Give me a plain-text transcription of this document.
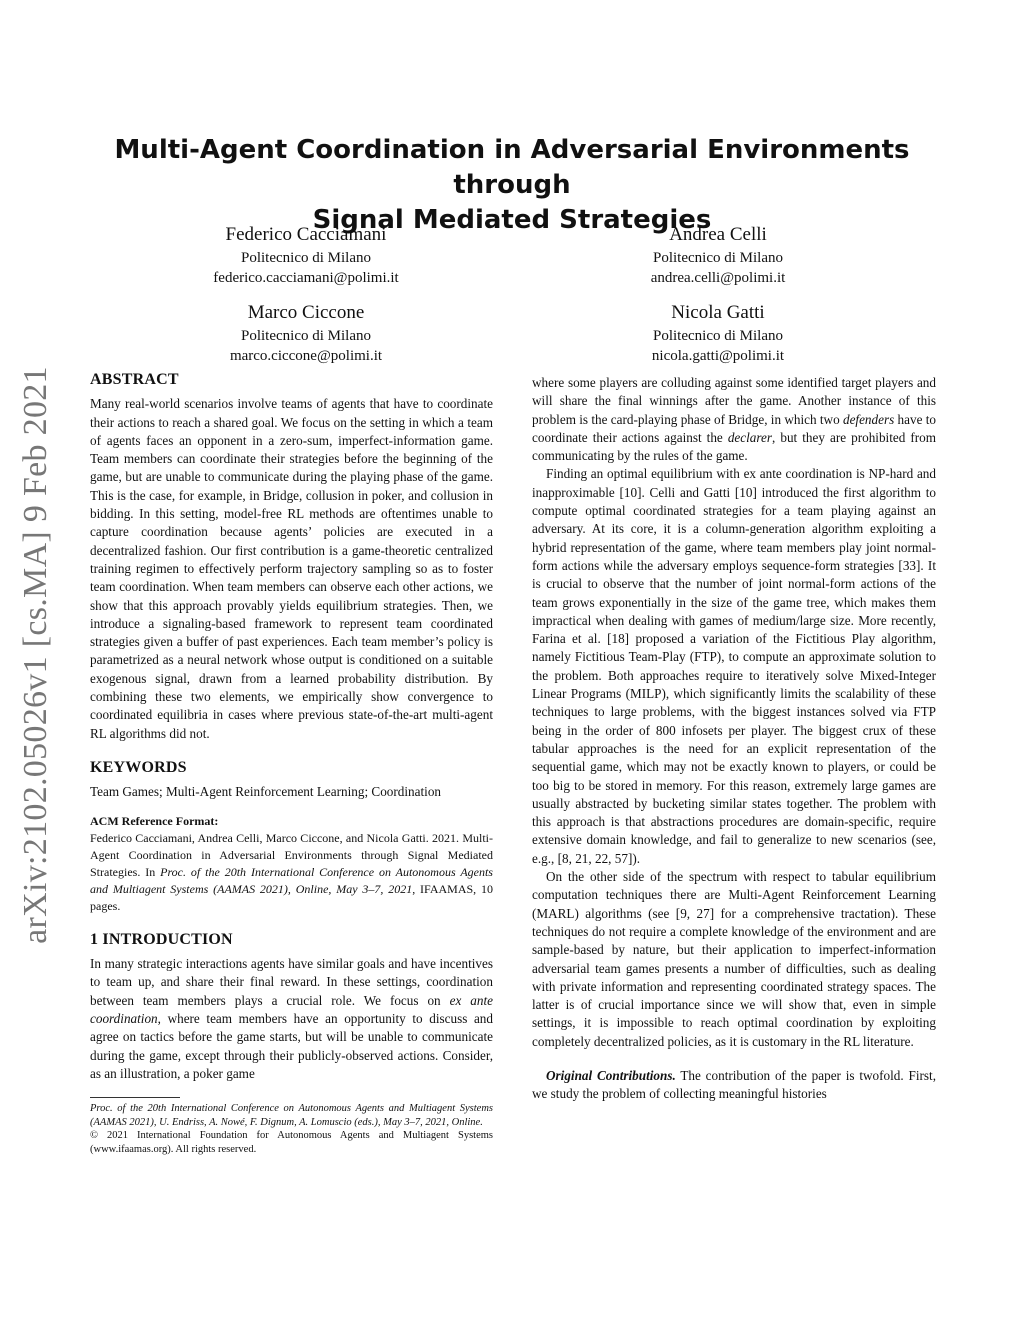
arXiv:2102.05026v1 [cs.MA] 9 Feb 2021
Multi-Agent Coordination in Adversarial Environments through
Signal Mediated Strategies
Federico Cacciamani
Politecnico di Milano
federico.cacciamani@polimi.it
Andrea Celli
Politecnico di Milano
andrea.celli@polimi.it
Marco Ciccone
Politecnico di Milano
marco.ciccone@polimi.it
Nicola Gatti
Politecnico di Milano
nicola.gatti@polimi.it
ABSTRACT

Many real-world scenarios involve teams of agents that have to coordinate their actions to reach a shared goal. We focus on the setting in which a team of agents faces an opponent in a zero-sum, imperfect-information game. Team members can coordinate their strategies before the beginning of the game, but are unable to communicate during the playing phase of the game. This is the case, for example, in Bridge, collusion in poker, and collusion in bidding. In this setting, model-free RL methods are oftentimes unable to capture coordination because agents’ policies are executed in a decentralized fashion. Our first contribution is a game-theoretic centralized training regimen to effectively perform trajectory sampling so as to foster team coordination. When team members can observe each other actions, we show that this approach provably yields equilibrium strategies. Then, we introduce a signaling-based framework to represent team coordinated strategies given a buffer of past experiences. Each team member’s policy is parametrized as a neural network whose output is conditioned on a suitable exogenous signal, drawn from a learned probability distribution. By combining these two elements, we empirically show convergence to coordinated equilibria in cases where previous state-of-the-art multi-agent RL algorithms did not.

KEYWORDS

Team Games; Multi-Agent Reinforcement Learning; Coordination

ACM Reference Format:

Federico Cacciamani, Andrea Celli, Marco Ciccone, and Nicola Gatti. 2021. Multi-Agent Coordination in Adversarial Environments through Signal Mediated Strategies. In Proc. of the 20th International Conference on Autonomous Agents and Multiagent Systems (AAMAS 2021), Online, May 3–7, 2021, IFAAMAS, 10 pages.

1 INTRODUCTION

In many strategic interactions agents have similar goals and have incentives to team up, and share their final reward. In these settings, coordination between team members plays a crucial role. We focus on ex ante coordination, where team members have an opportunity to discuss and agree on tactics before the game starts, but will be unable to communicate during the game, except through their publicly-observed actions. Consider, as an illustration, a poker game

Proc. of the 20th International Conference on Autonomous Agents and Multiagent Systems (AAMAS 2021), U. Endriss, A. Nowé, F. Dignum, A. Lomuscio (eds.), May 3–7, 2021, Online.

© 2021 International Foundation for Autonomous Agents and Multiagent Systems (www.ifaamas.org). All rights reserved.

where some players are colluding against some identified target players and will share the final winnings after the game. Another instance of this problem is the card-playing phase of Bridge, in which two defenders have to coordinate their actions against the declarer, but they are prohibited from communicating by the rules of the game.

Finding an optimal equilibrium with ex ante coordination is NP-hard and inapproximable [10]. Celli and Gatti [10] introduced the first algorithm to compute optimal coordinated strategies for a team playing against an adversary. At its core, it is a column-generation algorithm exploiting a hybrid representation of the game, where team members play joint normal-form actions while the adversary employs sequence-form strategies [33]. It is crucial to observe that the number of joint normal-form actions of the team grows exponentially in the size of the game tree, which makes them impractical when dealing with games of medium/large size. More recently, Farina et al. [18] proposed a variation of the Fictitious Play algorithm, namely Fictitious Team-Play (FTP), to compute an approximate solution to the problem. Both approaches require to iteratively solve Mixed-Integer Linear Programs (MILP), which significantly limits the scalability of these techniques to large problems, with the biggest instances solved via FTP being in the order of 800 infosets per player. The biggest crux of these tabular approaches is the need for an explicit representation of the sequential game, which may not be exactly known to players, or could be too big to be stored in memory. For this reason, extremely large games are usually abstracted by bucketing similar states together. The problem with this approach is that abstractions procedures are domain-specific, require extensive domain knowledge, and fail to generalize to new scenarios (see, e.g., [8, 21, 22, 57]).

On the other side of the spectrum with respect to tabular equilibrium computation techniques there are Multi-Agent Reinforcement Learning (MARL) algorithms (see [9, 27] for a comprehensive tractation). These techniques do not require a complete knowledge of the environment and are sample-based by nature, but their application to imperfect-information adversarial team games presents a number of difficulties, such as dealing with private information and representing coordinated strategy spaces. The latter is of crucial importance since we will show that, even in simple settings, it is impossible to reach optimal coordination by exploiting completely decentralized policies, as it is customary in the RL literature.

Original Contributions. The contribution of the paper is twofold. First, we study the problem of collecting meaningful histories
